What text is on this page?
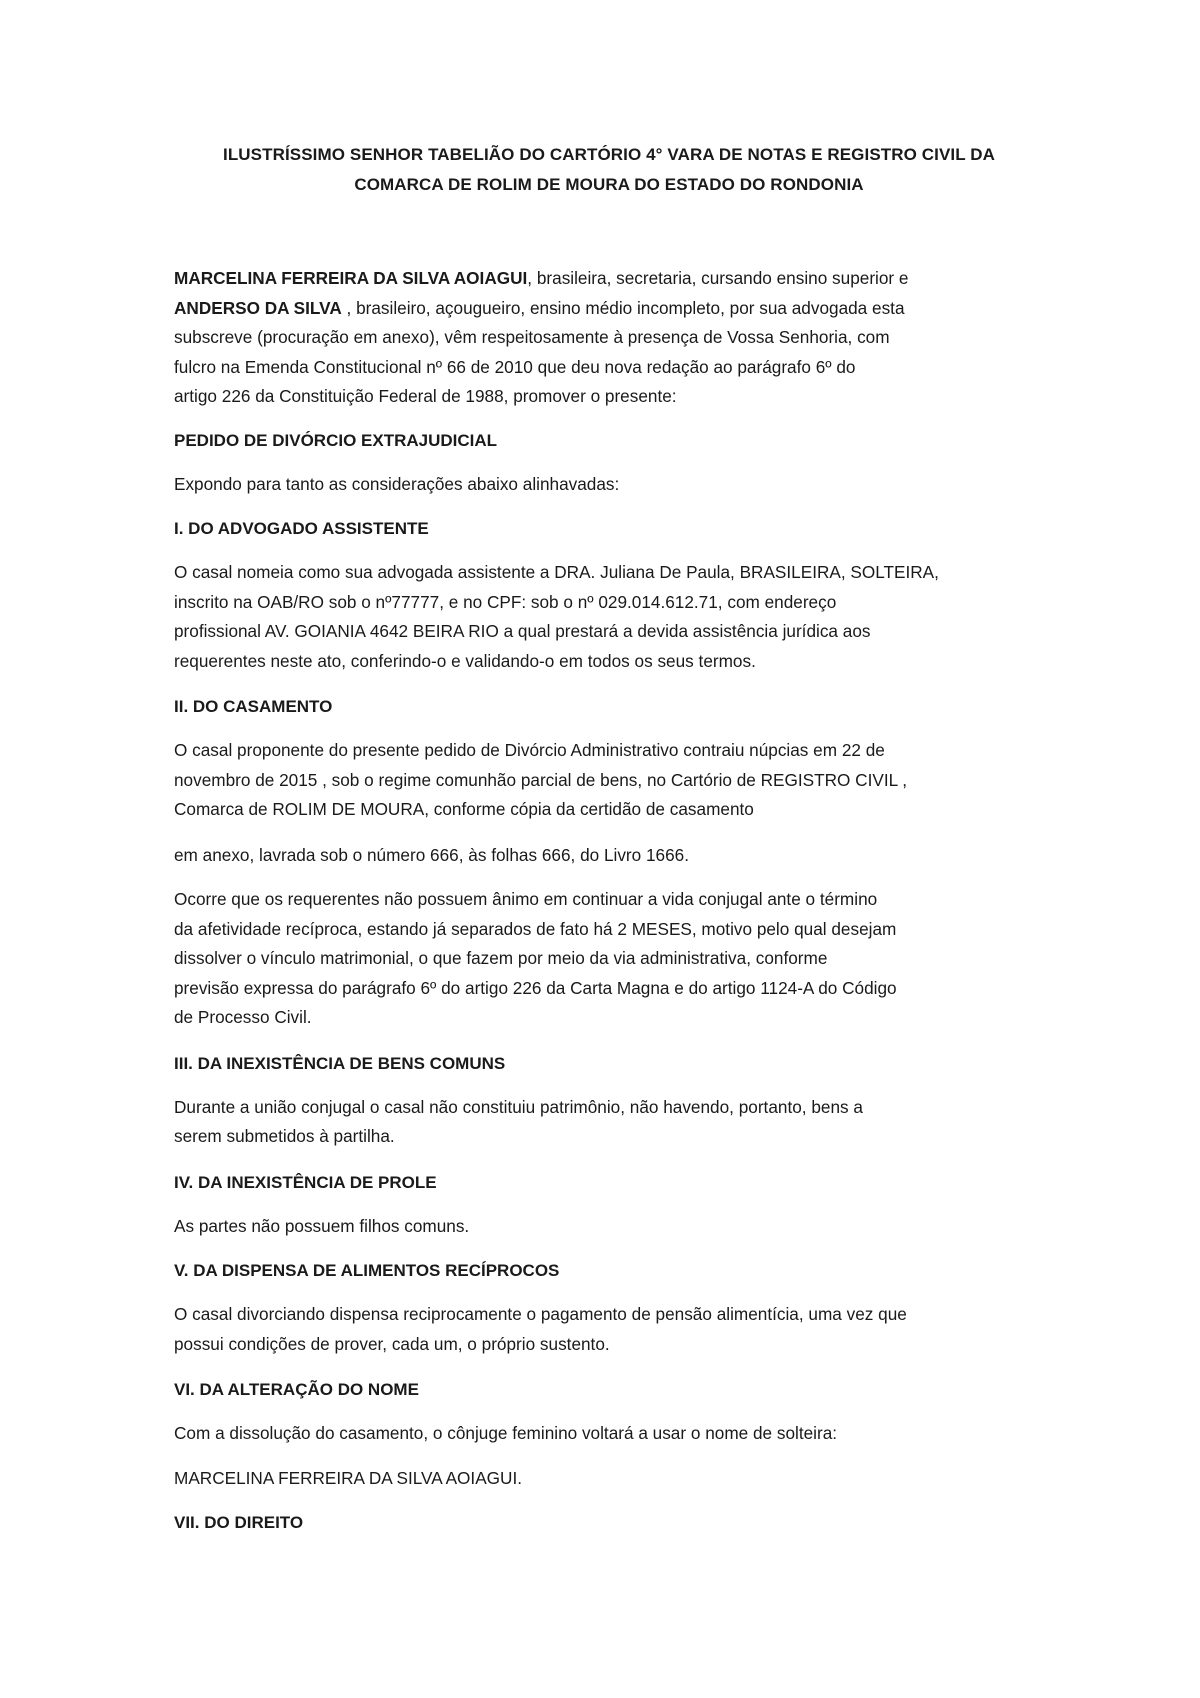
ILUSTRÍSSIMO SENHOR TABELIÃO DO CARTÓRIO 4° VARA DE NOTAS E REGISTRO CIVIL DA
COMARCA DE ROLIM DE MOURA DO ESTADO DO RONDONIA

MARCELINA FERREIRA DA SILVA AOIAGUI, brasileira, secretaria, cursando ensino superior e
ANDERSO DA SILVA , brasileiro, açougueiro, ensino médio incompleto, por sua advogada esta
subscreve (procuração em anexo), vêm respeitosamente à presença de Vossa Senhoria, com
fulcro na Emenda Constitucional nº 66 de 2010 que deu nova redação ao parágrafo 6º do
artigo 226 da Constituição Federal de 1988, promover o presente:

PEDIDO DE DIVÓRCIO EXTRAJUDICIAL

Expondo para tanto as considerações abaixo alinhavadas:

I. DO ADVOGADO ASSISTENTE

O casal nomeia como sua advogada assistente a DRA. Juliana De Paula, BRASILEIRA, SOLTEIRA,
inscrito na OAB/RO sob o nº77777, e no CPF: sob o nº 029.014.612.71, com endereço
profissional AV. GOIANIA 4642 BEIRA RIO a qual prestará a devida assistência jurídica aos
requerentes neste ato, conferindo-o e validando-o em todos os seus termos.

II. DO CASAMENTO

O casal proponente do presente pedido de Divórcio Administrativo contraiu núpcias em 22 de
novembro de 2015 , sob o regime comunhão parcial de bens, no Cartório de REGISTRO CIVIL ,
Comarca de ROLIM DE MOURA, conforme cópia da certidão de casamento

em anexo, lavrada sob o número 666, às folhas 666, do Livro 1666.

Ocorre que os requerentes não possuem ânimo em continuar a vida conjugal ante o término
da afetividade recíproca, estando já separados de fato há 2 MESES, motivo pelo qual desejam
dissolver o vínculo matrimonial, o que fazem por meio da via administrativa, conforme
previsão expressa do parágrafo 6º do artigo 226 da Carta Magna e do artigo 1124-A do Código
de Processo Civil.

III. DA INEXISTÊNCIA DE BENS COMUNS

Durante a união conjugal o casal não constituiu patrimônio, não havendo, portanto, bens a
serem submetidos à partilha.

IV. DA INEXISTÊNCIA DE PROLE

As partes não possuem filhos comuns.

V. DA DISPENSA DE ALIMENTOS RECÍPROCOS

O casal divorciando dispensa reciprocamente o pagamento de pensão alimentícia, uma vez que
possui condições de prover, cada um, o próprio sustento.

VI. DA ALTERAÇÃO DO NOME

Com a dissolução do casamento, o cônjuge feminino voltará a usar o nome de solteira:

MARCELINA FERREIRA DA SILVA AOIAGUI.

VII. DO DIREITO
